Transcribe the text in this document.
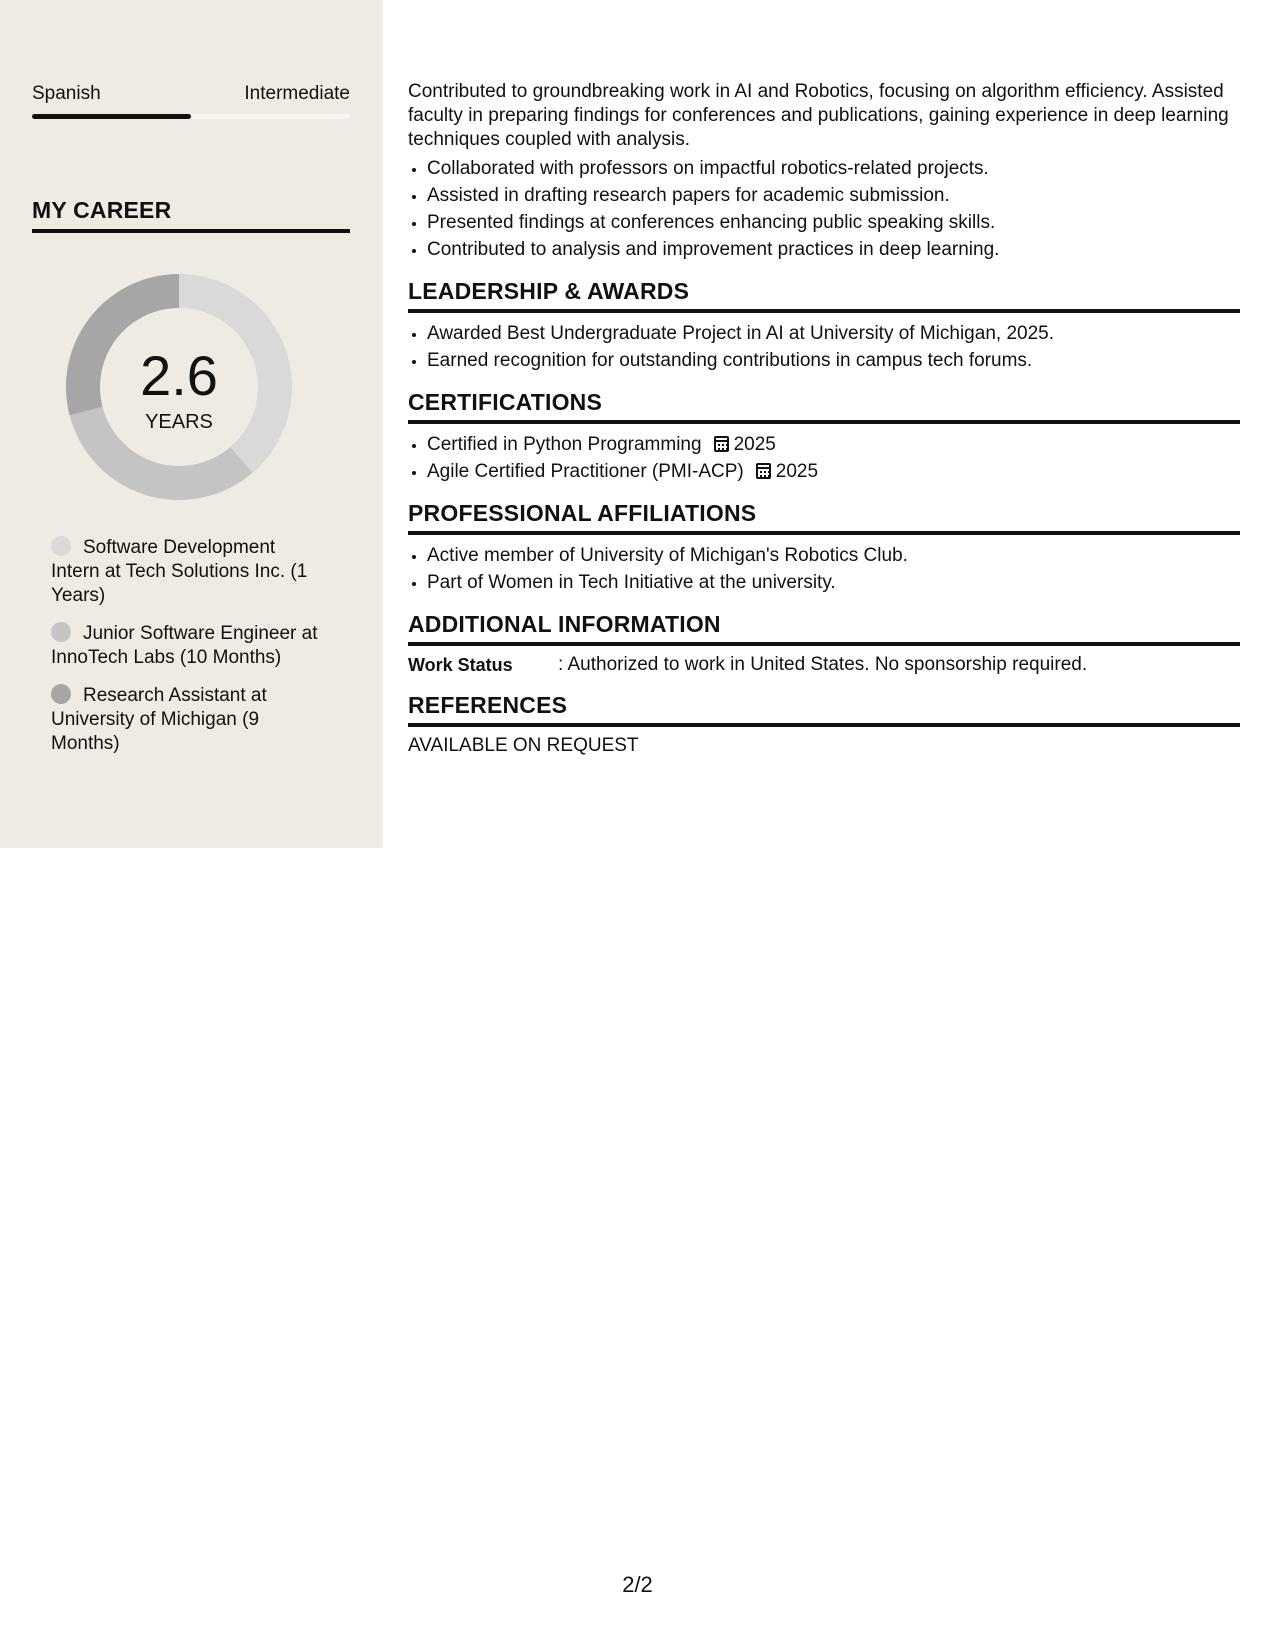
Spanish	Intermediate
MY CAREER
2.6
YEARS
Software Development Intern at Tech Solutions Inc. (1 Years)
Junior Software Engineer at InnoTech Labs (10 Months)
Research Assistant at University of Michigan (9 Months)

Contributed to groundbreaking work in AI and Robotics, focusing on algorithm efficiency. Assisted faculty in preparing findings for conferences and publications, gaining experience in deep learning techniques coupled with analysis.

• Collaborated with professors on impactful robotics-related projects.
• Assisted in drafting research papers for academic submission.
• Presented findings at conferences enhancing public speaking skills.
• Contributed to analysis and improvement practices in deep learning.
LEADERSHIP & AWARDS
• Awarded Best Undergraduate Project in AI at University of Michigan, 2025.
• Earned recognition for outstanding contributions in campus tech forums.
CERTIFICATIONS
• Certified in Python Programming 2025
• Agile Certified Practitioner (PMI-ACP) 2025
PROFESSIONAL AFFILIATIONS
• Active member of University of Michigan's Robotics Club.
• Part of Women in Tech Initiative at the university.
ADDITIONAL INFORMATION
Work Status	: Authorized to work in United States. No sponsorship required.
REFERENCES

AVAILABLE ON REQUEST

2/2
